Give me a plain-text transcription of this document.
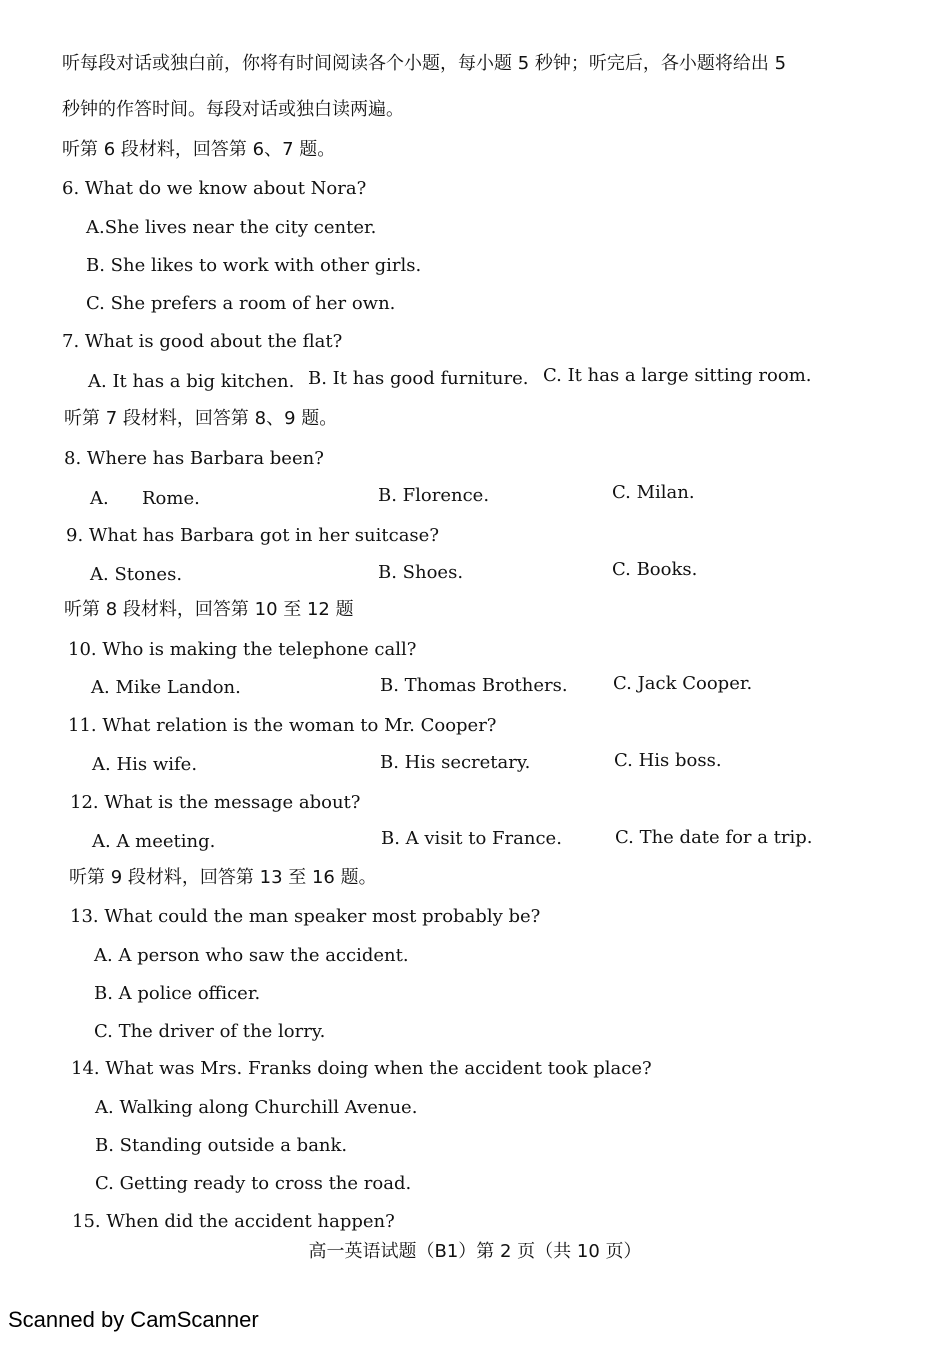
听每段对话或独白前，你将有时间阅读各个小题，每小题 5 秒钟；听完后，各小题将给出 5
秒钟的作答时间。每段对话或独白读两遍。
听第 6 段材料，回答第 6、7 题。
6. What do we know about Nora?
A.She lives near the city center.
B. She likes to work with other girls.
C. She prefers a room of her own.
7. What is good about the flat?
A. It has a big kitchen. B. It has good furniture. C. It has a large sitting room.
听第 7 段材料，回答第 8、9 题。
8. Where has Barbara been?
A. Rome.	B. Florence.	C. Milan.
9. What has Barbara got in her suitcase?
A. Stones.	B. Shoes.	C. Books.
听第 8 段材料，回答第 10 至 12 题
10. Who is making the telephone call?
A. Mike Landon.	B. Thomas Brothers.	C. Jack Cooper.
11. What relation is the woman to Mr. Cooper?
A. His wife.	B. His secretary.	C. His boss.
12. What is the message about?
A. A meeting.	B. A visit to France.	C. The date for a trip.
听第 9 段材料，回答第 13 至 16 题。
13. What could the man speaker most probably be?
A. A person who saw the accident.
B. A police officer.
C. The driver of the lorry.
14. What was Mrs. Franks doing when the accident took place?
A. Walking along Churchill Avenue.
B. Standing outside a bank.
C. Getting ready to cross the road.
15. When did the accident happen?
高一英语试题（B1）第 2 页（共 10 页）
Scanned by CamScanner
